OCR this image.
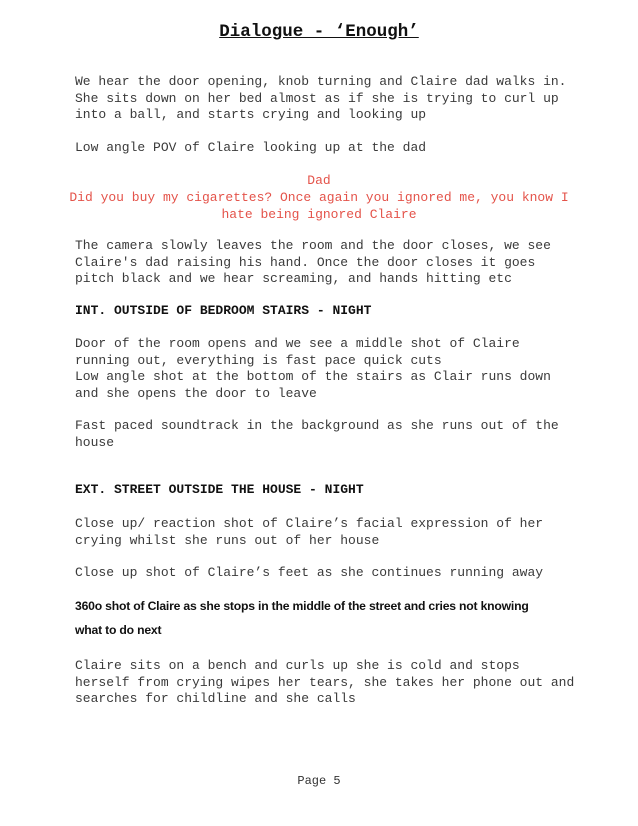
Dialogue - ‘Enough’
We hear the door opening, knob turning and Claire dad walks in.
She sits down on her bed almost as if she is trying to curl up
into a ball, and starts crying and looking up
Low angle POV of Claire looking up at the dad
Dad
Did you buy my cigarettes? Once again you ignored me, you know I
hate being ignored Claire
The camera slowly leaves the room and the door closes, we see
Claire's dad raising his hand. Once the door closes it goes
pitch black and we hear screaming, and hands hitting etc
INT. OUTSIDE OF BEDROOM STAIRS - NIGHT
Door of the room opens and we see a middle shot of Claire
running out, everything is fast pace quick cuts
Low angle shot at the bottom of the stairs as Clair runs down
and she opens the door to leave
Fast paced soundtrack in the background as she runs out of the
house
EXT. STREET OUTSIDE THE HOUSE - NIGHT
Close up/ reaction shot of Claire’s facial expression of her
crying whilst she runs out of her house
Close up shot of Claire’s feet as she continues running away
360o shot of Claire as she stops in the middle of the street and cries not knowing
what to do next
Claire sits on a bench and curls up she is cold and stops
herself from crying wipes her tears, she takes her phone out and
searches for childline and she calls
Page 5
